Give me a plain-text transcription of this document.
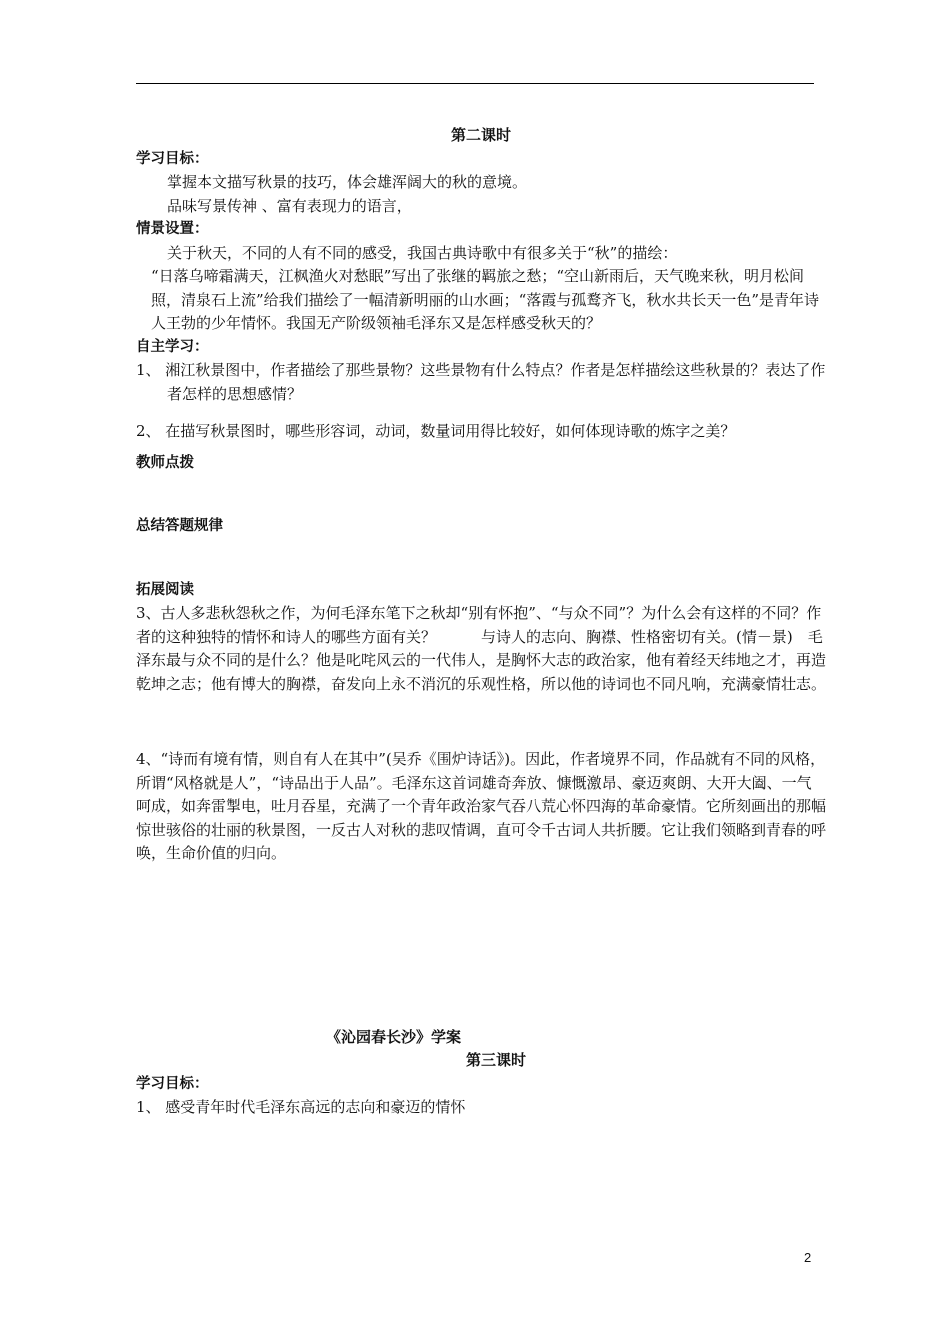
第二课时

学习目标：

掌握本文描写秋景的技巧，体会雄浑阔大的秋的意境。

品味写景传神 、富有表现力的语言，

情景设置：

关于秋天，不同的人有不同的感受，我国古典诗歌中有很多关于“秋”的描绘：

“日落乌啼霜满天，江枫渔火对愁眠”写出了张继的羁旅之愁；“空山新雨后，天气晚来秋，明月松间照，清泉石上流”给我们描绘了一幅清新明丽的山水画；“落霞与孤鹜齐飞，秋水共长天一色”是青年诗人王勃的少年情怀。我国无产阶级领袖毛泽东又是怎样感受秋天的？

自主学习：

1、 湘江秋景图中，作者描绘了那些景物？这些景物有什么特点？作者是怎样描绘这些秋景的？表达了作者怎样的思想感情？

2、 在描写秋景图时，哪些形容词，动词，数量词用得比较好，如何体现诗歌的炼字之美？

教师点拨

总结答题规律

拓展阅读

3、古人多悲秋怨秋之作，为何毛泽东笔下之秋却“别有怀抱”、“与众不同”？为什么会有这样的不同？作者的这种独特的情怀和诗人的哪些方面有关？　　　与诗人的志向、胸襟、性格密切有关。(情－景)　毛泽东最与众不同的是什么？他是叱咤风云的一代伟人，是胸怀大志的政治家，他有着经天纬地之才，再造乾坤之志；他有博大的胸襟，奋发向上永不消沉的乐观性格，所以他的诗词也不同凡响，充满豪情壮志。

4、“诗而有境有情，则自有人在其中”(吴乔《围炉诗话》)。因此，作者境界不同，作品就有不同的风格，所谓“风格就是人”，“诗品出于人品”。毛泽东这首词雄奇奔放、慷慨激昂、豪迈爽朗、大开大阖、一气呵成，如奔雷掣电，吐月吞星，充满了一个青年政治家气吞八荒心怀四海的革命豪情。它所刻画出的那幅惊世骇俗的壮丽的秋景图，一反古人对秋的悲叹情调，直可令千古词人共折腰。它让我们领略到青春的呼唤，生命价值的归向。

《沁园春长沙》学案

第三课时

学习目标：

1、 感受青年时代毛泽东高远的志向和豪迈的情怀

2
